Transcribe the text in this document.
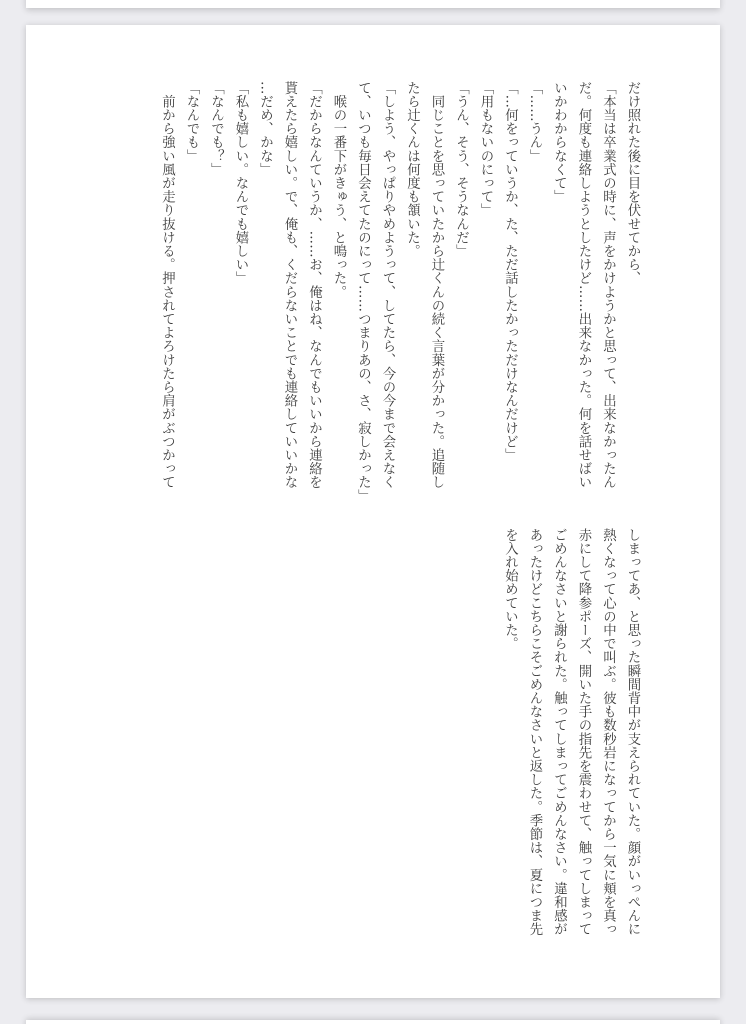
だけ照れた後に目を伏せてから、
「本当は卒業式の時に、声をかけようかと思って、出来なかったん
だ。何度も連絡しようとしたけど……出来なかった。何を話せばい
いかわからなくて」
「……うん」
「…何をっていうか、た、ただ話したかっただけなんだけど」
「用もないのにって」
「うん、そう、そうなんだ」
　同じことを思っていたから辻くんの続く言葉が分かった。追随し
たら辻くんは何度も頷いた。
「しよう、やっぱりやめようって、してたら、今の今まで会えなく
て、いつも毎日会えてたのにって……つまりあの、さ、寂しかった」
　喉の一番下がきゅう、と鳴った。
「だからなんていうか、……お、俺はね、なんでもいいから連絡を
貰えたら嬉しい。で、俺も、くだらないことでも連絡していいかな
…だめ、かな」
「私も嬉しい。なんでも嬉しい」
「なんでも？」
「なんでも」
　前から強い風が走り抜ける。押されてよろけたら肩がぶつかって
しまってあ、と思った瞬間背中が支えられていた。顔がいっぺんに
熱くなって心の中で叫ぶ。彼も数秒岩になってから一気に頬を真っ
赤にして降参ポーズ、開いた手の指先を震わせて、触ってしまって
ごめんなさいと謝られた。触ってしまってごめんなさい。違和感が
あったけどこちらこそごめんなさいと返した。季節は、夏につま先
を入れ始めていた。
